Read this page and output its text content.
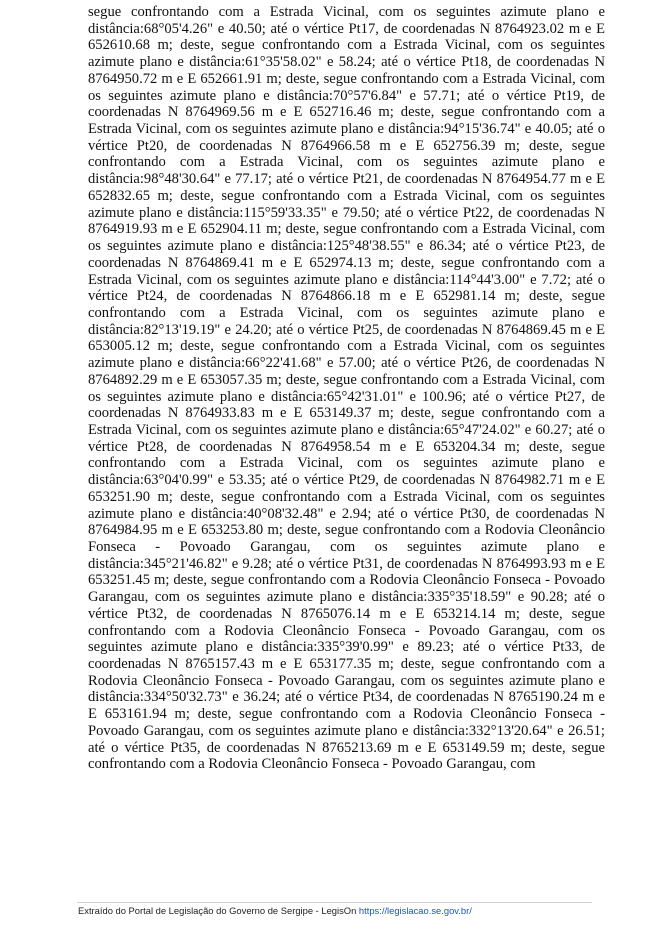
segue confrontando com a Estrada Vicinal, com os seguintes azimute plano e distância:68°05'4.26" e 40.50; até o vértice Pt17, de coordenadas N 8764923.02 m e E 652610.68 m; deste, segue confrontando com a Estrada Vicinal, com os seguintes azimute plano e distância:61°35'58.02" e 58.24; até o vértice Pt18, de coordenadas N 8764950.72 m e E 652661.91 m; deste, segue confrontando com a Estrada Vicinal, com os seguintes azimute plano e distância:70°57'6.84" e 57.71; até o vértice Pt19, de coordenadas N 8764969.56 m e E 652716.46 m; deste, segue confrontando com a Estrada Vicinal, com os seguintes azimute plano e distância:94°15'36.74" e 40.05; até o vértice Pt20, de coordenadas N 8764966.58 m e E 652756.39 m; deste, segue confrontando com a Estrada Vicinal, com os seguintes azimute plano e distância:98°48'30.64" e 77.17; até o vértice Pt21, de coordenadas N 8764954.77 m e E 652832.65 m; deste, segue confrontando com a Estrada Vicinal, com os seguintes azimute plano e distância:115°59'33.35" e 79.50; até o vértice Pt22, de coordenadas N 8764919.93 m e E 652904.11 m; deste, segue confrontando com a Estrada Vicinal, com os seguintes azimute plano e distância:125°48'38.55" e 86.34; até o vértice Pt23, de coordenadas N 8764869.41 m e E 652974.13 m; deste, segue confrontando com a Estrada Vicinal, com os seguintes azimute plano e distância:114°44'3.00" e 7.72; até o vértice Pt24, de coordenadas N 8764866.18 m e E 652981.14 m; deste, segue confrontando com a Estrada Vicinal, com os seguintes azimute plano e distância:82°13'19.19" e 24.20; até o vértice Pt25, de coordenadas N 8764869.45 m e E 653005.12 m; deste, segue confrontando com a Estrada Vicinal, com os seguintes azimute plano e distância:66°22'41.68" e 57.00; até o vértice Pt26, de coordenadas N 8764892.29 m e E 653057.35 m; deste, segue confrontando com a Estrada Vicinal, com os seguintes azimute plano e distância:65°42'31.01" e 100.96; até o vértice Pt27, de coordenadas N 8764933.83 m e E 653149.37 m; deste, segue confrontando com a Estrada Vicinal, com os seguintes azimute plano e distância:65°47'24.02" e 60.27; até o vértice Pt28, de coordenadas N 8764958.54 m e E 653204.34 m; deste, segue confrontando com a Estrada Vicinal, com os seguintes azimute plano e distância:63°04'0.99" e 53.35; até o vértice Pt29, de coordenadas N 8764982.71 m e E 653251.90 m; deste, segue confrontando com a Estrada Vicinal, com os seguintes azimute plano e distância:40°08'32.48" e 2.94; até o vértice Pt30, de coordenadas N 8764984.95 m e E 653253.80 m; deste, segue confrontando com a Rodovia Cleonâncio Fonseca - Povoado Garangau, com os seguintes azimute plano e distância:345°21'46.82" e 9.28; até o vértice Pt31, de coordenadas N 8764993.93 m e E 653251.45 m; deste, segue confrontando com a Rodovia Cleonâncio Fonseca - Povoado Garangau, com os seguintes azimute plano e distância:335°35'18.59" e 90.28; até o vértice Pt32, de coordenadas N 8765076.14 m e E 653214.14 m; deste, segue confrontando com a Rodovia Cleonâncio Fonseca - Povoado Garangau, com os seguintes azimute plano e distância:335°39'0.99" e 89.23; até o vértice Pt33, de coordenadas N 8765157.43 m e E 653177.35 m; deste, segue confrontando com a Rodovia Cleonâncio Fonseca - Povoado Garangau, com os seguintes azimute plano e distância:334°50'32.73" e 36.24; até o vértice Pt34, de coordenadas N 8765190.24 m e E 653161.94 m; deste, segue confrontando com a Rodovia Cleonâncio Fonseca - Povoado Garangau, com os seguintes azimute plano e distância:332°13'20.64" e 26.51; até o vértice Pt35, de coordenadas N 8765213.69 m e E 653149.59 m; deste, segue confrontando com a Rodovia Cleonâncio Fonseca - Povoado Garangau, com

Extraído do Portal de Legislação do Governo de Sergipe - LegisOn https://legislacao.se.gov.br/
